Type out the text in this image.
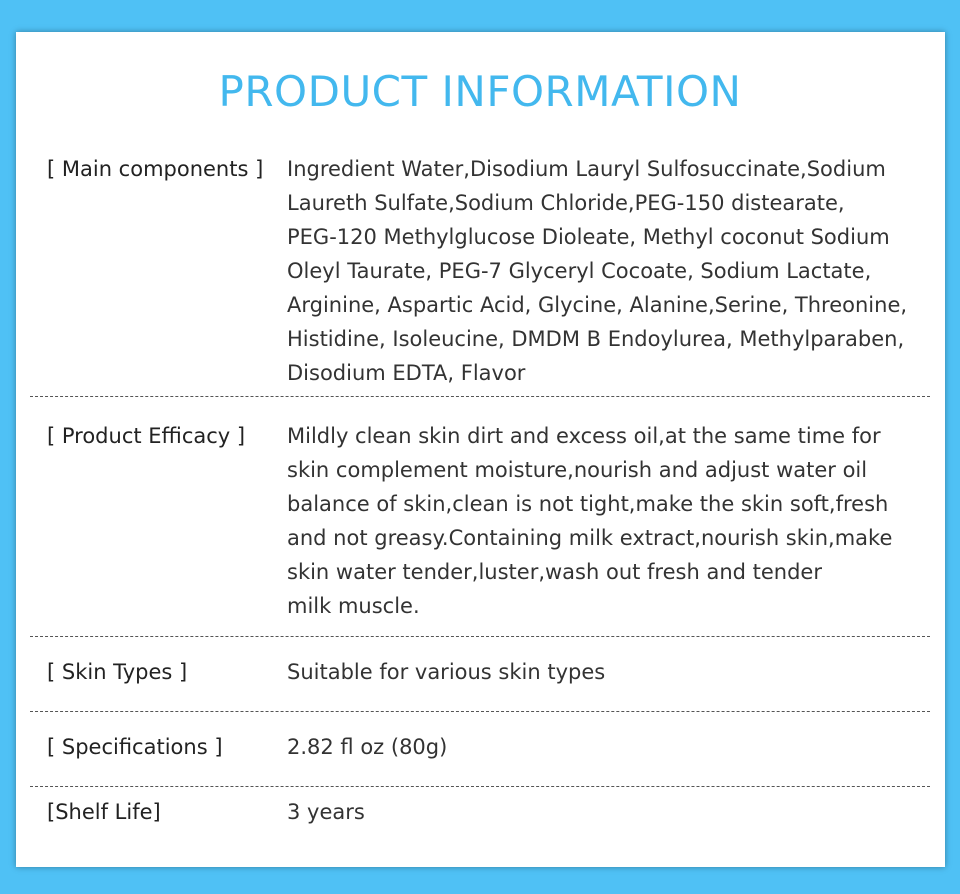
PRODUCT INFORMATION
[ Main components ] Ingredient Water,Disodium Lauryl Sulfosuccinate,Sodium
Laureth Sulfate,Sodium Chloride,PEG-150 distearate,
PEG-120 Methylglucose Dioleate, Methyl coconut Sodium
Oleyl Taurate, PEG-7 Glyceryl Cocoate, Sodium Lactate,
Arginine, Aspartic Acid, Glycine, Alanine,Serine, Threonine,
Histidine, Isoleucine, DMDM B Endoylurea, Methylparaben,
Disodium EDTA, Flavor
[ Product Efficacy ] Mildly clean skin dirt and excess oil,at the same time for
skin complement moisture,nourish and adjust water oil
balance of skin,clean is not tight,make the skin soft,fresh
and not greasy.Containing milk extract,nourish skin,make
skin water tender,luster,wash out fresh and tender
milk muscle.
[ Skin Types ]	Suitable for various skin types
[ Specifications ]	2.82 fl oz (80g)
[Shelf Life]	3 years
